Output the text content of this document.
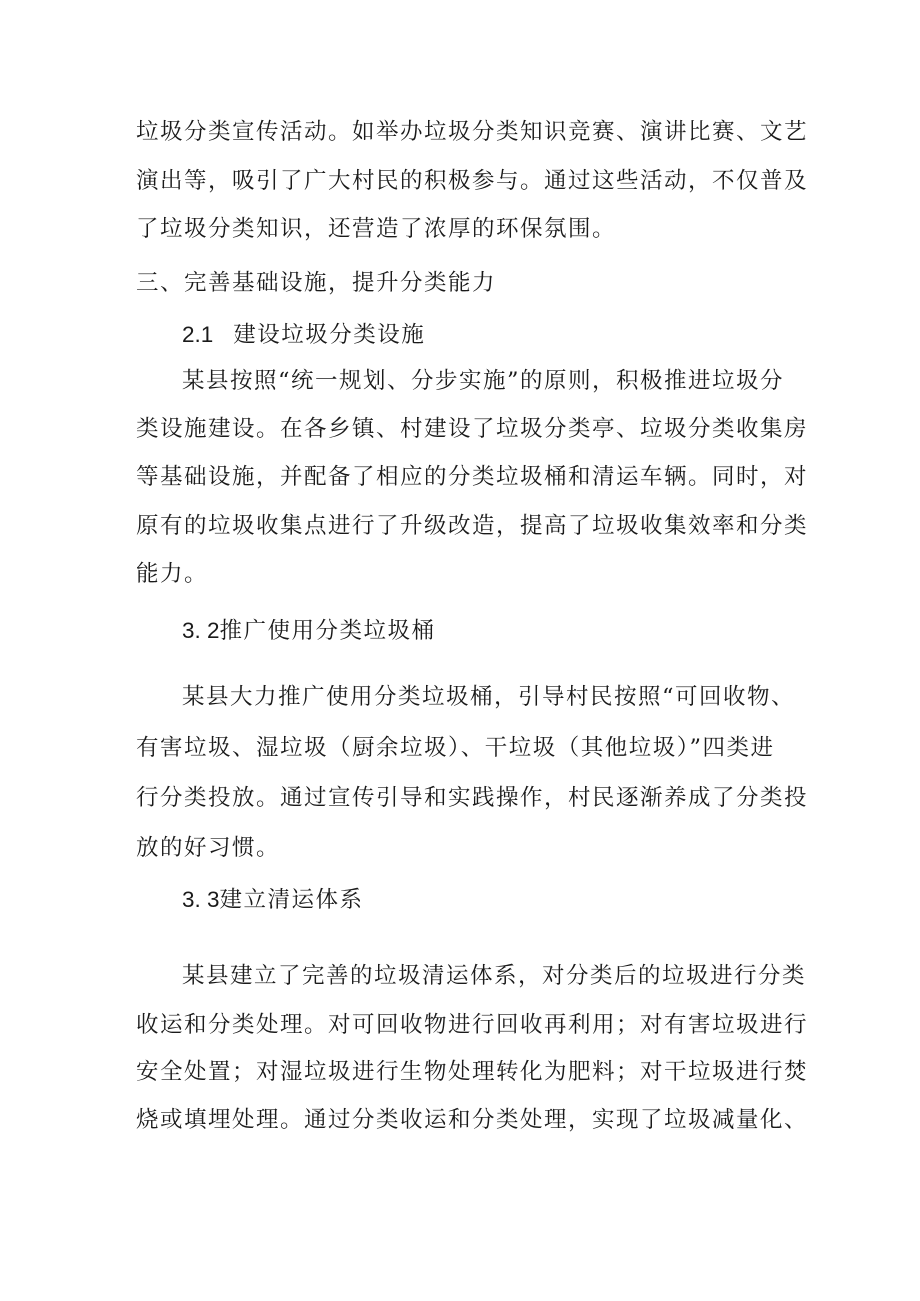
垃圾分类宣传活动。如举办垃圾分类知识竞赛、演讲比赛、文艺
演出等，吸引了广大村民的积极参与。通过这些活动，不仅普及
了垃圾分类知识，还营造了浓厚的环保氛围。
三、完善基础设施，提升分类能力
2.1 建设垃圾分类设施
某县按照“统一规划、分步实施”的原则，积极推进垃圾分
类设施建设。在各乡镇、村建设了垃圾分类亭、垃圾分类收集房
等基础设施，并配备了相应的分类垃圾桶和清运车辆。同时，对
原有的垃圾收集点进行了升级改造，提高了垃圾收集效率和分类
能力。
3. 2推广使用分类垃圾桶
某县大力推广使用分类垃圾桶，引导村民按照“可回收物、
有害垃圾、湿垃圾（厨余垃圾）、干垃圾（其他垃圾）”四类进
行分类投放。通过宣传引导和实践操作，村民逐渐养成了分类投
放的好习惯。
3. 3建立清运体系
某县建立了完善的垃圾清运体系，对分类后的垃圾进行分类
收运和分类处理。对可回收物进行回收再利用；对有害垃圾进行
安全处置；对湿垃圾进行生物处理转化为肥料；对干垃圾进行焚
烧或填埋处理。通过分类收运和分类处理，实现了垃圾减量化、
